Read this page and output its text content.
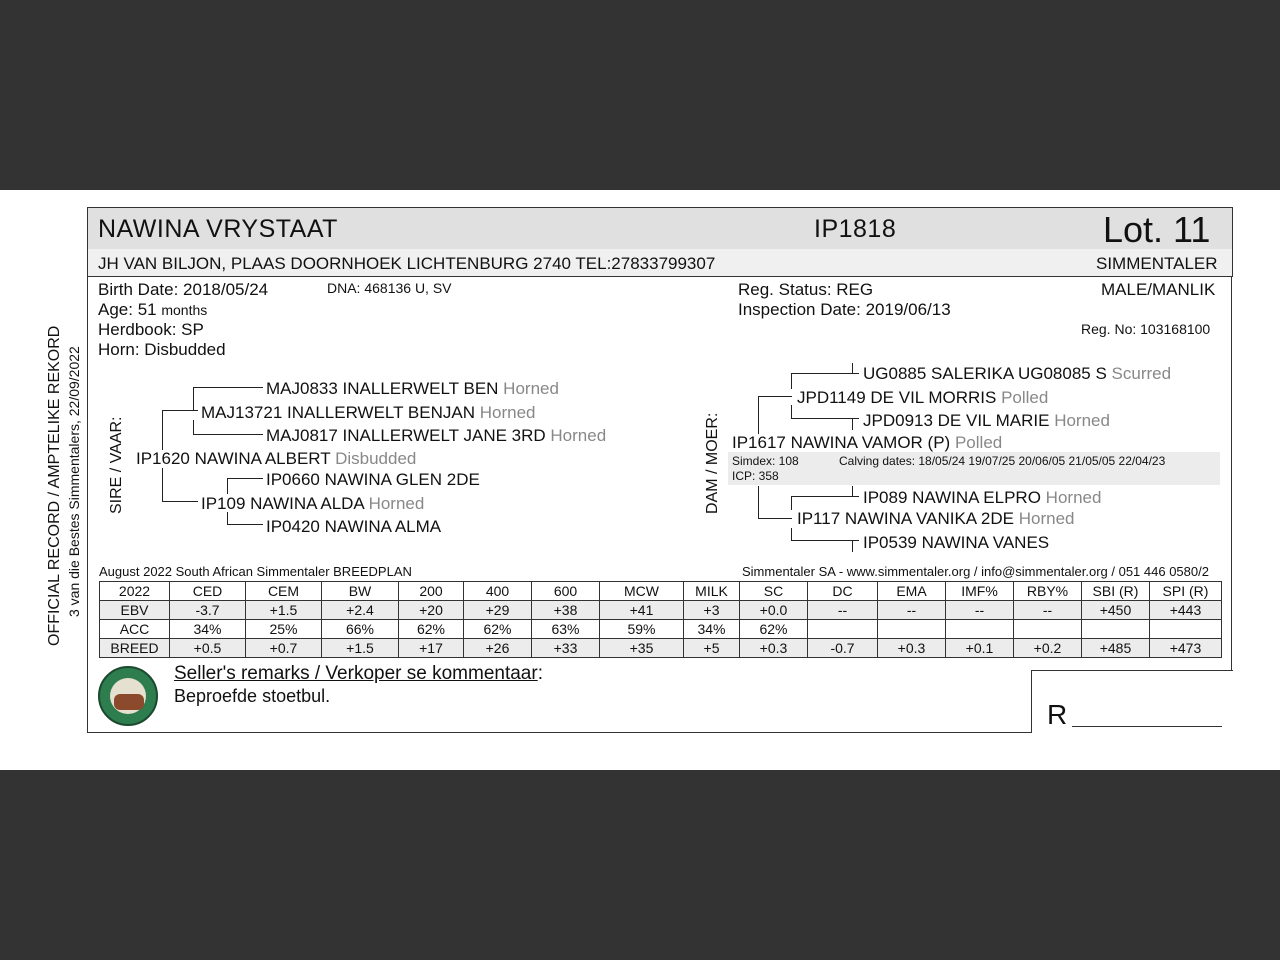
OFFICIAL RECORD / AMPTELIKE REKORD 3 van die Bestes Simmentalers, 22/09/2022
NAWINA VRYSTAAT	IP1818	Lot. 11
JH VAN BILJON, PLAAS DOORNHOEK LICHTENBURG 2740 TEL:27833799307	SIMMENTALER
Birth Date: 2018/05/24	DNA: 468136 U, SV
Age: 51 months
Herdbook: SP
Horn: Disbudded
Reg. Status: REG
Inspection Date: 2019/06/13
MALE/MANLIK
Reg. No: 103168100
SIRE / VAAR:
MAJ0833 INALLERWELT BEN Horned
MAJ13721 INALLERWELT BENJAN Horned
MAJ0817 INALLERWELT JANE 3RD Horned
IP1620 NAWINA ALBERT Disbudded
IP0660 NAWINA GLEN 2DE
IP109 NAWINA ALDA Horned
IP0420 NAWINA ALMA
DAM / MOER:
UG0885 SALERIKA UG08085 S Scurred
JPD1149 DE VIL MORRIS Polled
JPD0913 DE VIL MARIE Horned
IP1617 NAWINA VAMOR (P) Polled
Simdex: 108	Calving dates: 18/05/24 19/07/25 20/06/05 21/05/05 22/04/23
ICP: 358
IP089 NAWINA ELPRO Horned
IP117 NAWINA VANIKA 2DE Horned
IP0539 NAWINA VANES
August 2022 South African Simmentaler BREEDPLAN	Simmentaler SA - www.simmentaler.org / info@simmentaler.org / 051 446 0580/2
2022	CED	CEM	BW	200	400	600	MCW	MILK	SC	DC	EMA	IMF%	RBY%	SBI (R)	SPI (R)
EBV	-3.7	+1.5	+2.4	+20	+29	+38	+41	+3	+0.0	--	--	--	--	+450	+443
ACC	34%	25%	66%	62%	62%	63%	59%	34%	62%						
BREED	+0.5	+0.7	+1.5	+17	+26	+33	+35	+5	+0.3	-0.7	+0.3	+0.1	+0.2	+485	+473
Seller's remarks / Verkoper se kommentaar:
Beproefde stoetbul.
R
